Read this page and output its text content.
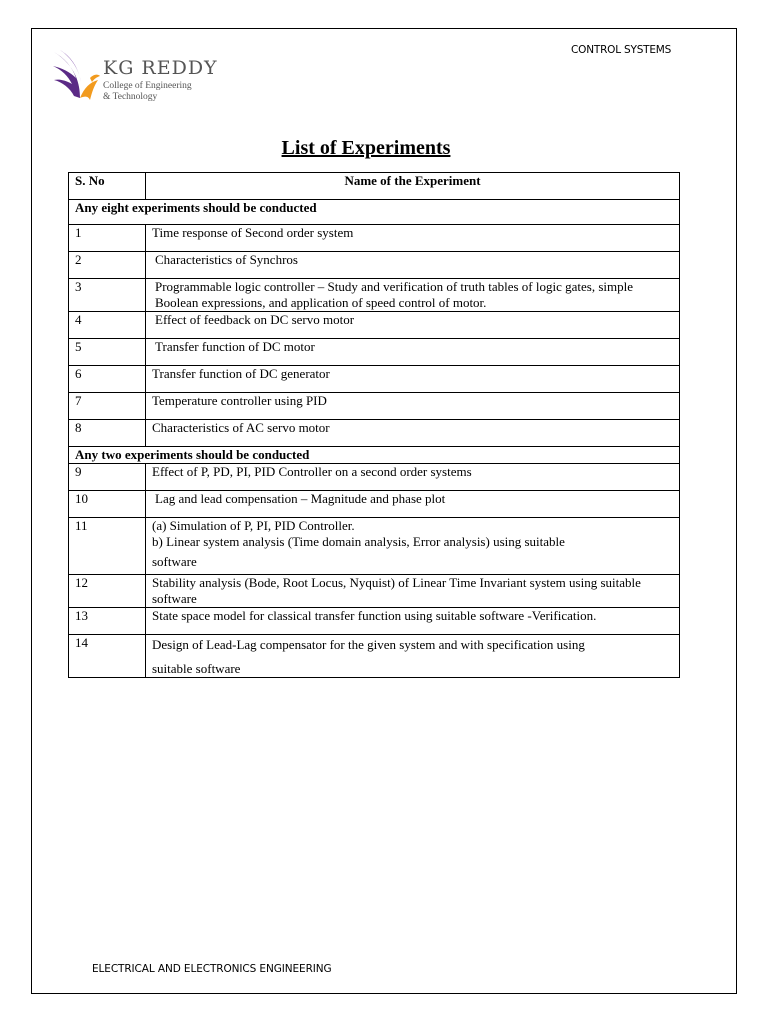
CONTROL SYSTEMS
KG REDDY
College of Engineering
& Technology
List of Experiments
S. No	Name of the Experiment
Any eight experiments should be conducted	
1	Time response of Second order system
2	Characteristics of Synchros
3	Programmable logic controller – Study and verification of truth tables of logic gates, simple Boolean expressions, and application of speed control of motor.
4	Effect of feedback on DC servo motor
5	Transfer function of DC motor
6	Transfer function of DC generator
7	Temperature controller using PID
8	Characteristics of AC servo motor
Any two experiments should be conducted	
9	Effect of P, PD, PI, PID Controller on a second order systems
10	Lag and lead compensation – Magnitude and phase plot
11	(a) Simulation of P, PI, PID Controller.
b) Linear system analysis (Time domain analysis, Error analysis) using suitable
software

12	Stability analysis (Bode, Root Locus, Nyquist) of Linear Time Invariant system using suitable software
13	State space model for classical transfer function using suitable software -Verification.
14	Design of Lead-Lag compensator for the given system and with specification using
suitable software
ELECTRICAL AND ELECTRONICS ENGINEERING
